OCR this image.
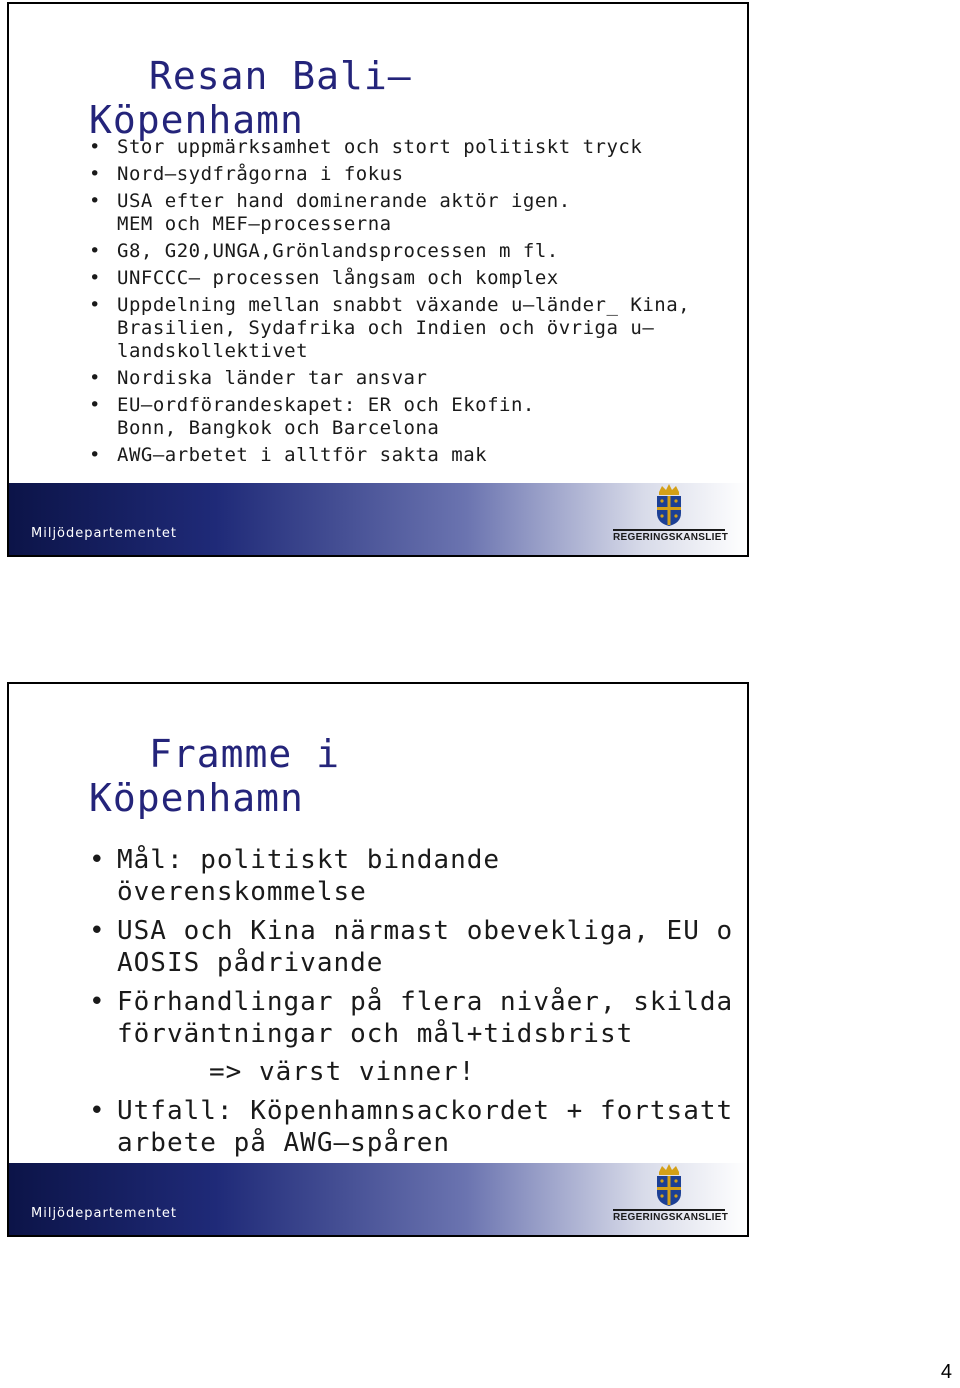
Resan Bali–
Köpenhamn
• Stor uppmärksamhet och stort politiskt tryck
• Nord–sydfrågorna i fokus
• USA efter hand dominerande aktör igen.
MEM och MEF–processerna
• G8, G20,UNGA,Grönlandsprocessen m fl.
• UNFCCC– processen långsam och komplex
• Uppdelning mellan snabbt växande u–länder_ Kina, Brasilien, Sydafrika och Indien och övriga u–landskollektivet
• Nordiska länder tar ansvar
• EU–ordförandeskapet: ER och Ekofin.
Bonn, Bangkok och Barcelona
• AWG–arbetet i alltför sakta mak
Miljödepartementet	REGERINGSKANSLIET
Framme i
Köpenhamn
• Mål: politiskt bindande överenskommelse
• USA och Kina närmast obevekliga, EU o AOSIS pådrivande
• Förhandlingar på flera nivåer, skilda förväntningar och mål+tidsbrist
=> värst vinner!
• Utfall: Köpenhamnsackordet + fortsatt arbete på AWG–spåren
Miljödepartementet	REGERINGSKANSLIET
4
